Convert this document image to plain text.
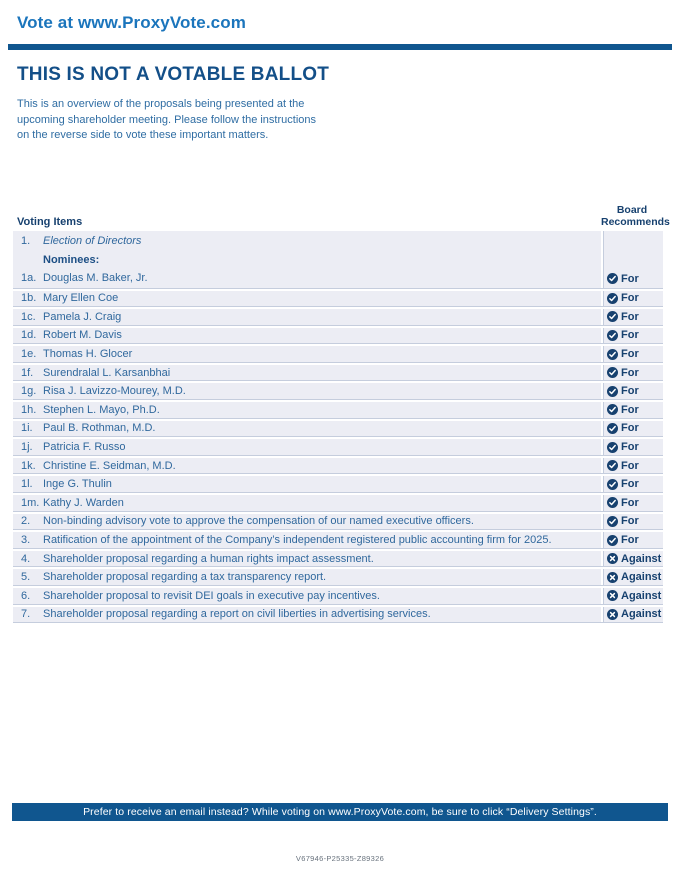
Vote at www.ProxyVote.com
THIS IS NOT A VOTABLE BALLOT

This is an overview of the proposals being presented at the upcoming shareholder meeting. Please follow the instructions on the reverse side to vote these important matters.

Voting Items
Board
Recommends
1.	Election of Directors
Nominees:
1a. Douglas M. Baker, Jr.	For
1b. Mary Ellen Coe	For
1c. Pamela J. Craig	For
1d. Robert M. Davis	For
1e. Thomas H. Glocer	For
1f. Surendralal L. Karsanbhai	For
1g. Risa J. Lavizzo-Mourey, M.D.	For
1h. Stephen L. Mayo, Ph.D.	For
1i. Paul B. Rothman, M.D.	For
1j. Patricia F. Russo	For
1k. Christine E. Seidman, M.D.	For
1l. Inge G. Thulin	For
1m. Kathy J. Warden	For
2.	Non-binding advisory vote to approve the compensation of our named executive officers.	For
3.	Ratification of the appointment of the Company’s independent registered public accounting firm for 2025.	For
4.	Shareholder proposal regarding a human rights impact assessment.	Against
5.	Shareholder proposal regarding a tax transparency report.	Against
6.	Shareholder proposal to revisit DEI goals in executive pay incentives.	Against
7.	Shareholder proposal regarding a report on civil liberties in advertising services.	Against
Prefer to receive an email instead? While voting on www.ProxyVote.com, be sure to click “Delivery Settings”.
V67946-P25335-Z89326
